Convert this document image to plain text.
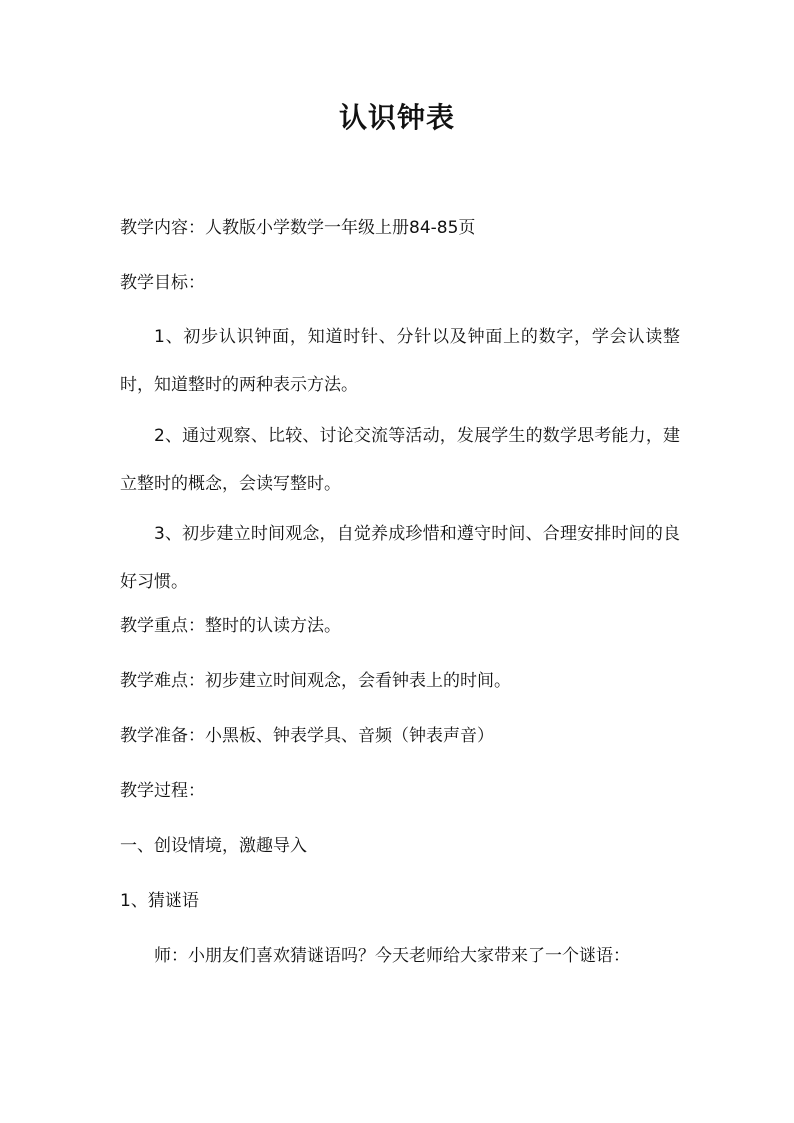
认识钟表

教学内容：人教版小学数学一年级上册84-85页

教学目标：

1、初步认识钟面，知道时针、分针以及钟面上的数字，学会认读整时，知道整时的两种表示方法。

2、通过观察、比较、讨论交流等活动，发展学生的数学思考能力，建立整时的概念，会读写整时。

3、初步建立时间观念，自觉养成珍惜和遵守时间、合理安排时间的良好习惯。

教学重点：整时的认读方法。

教学难点：初步建立时间观念，会看钟表上的时间。

教学准备：小黑板、钟表学具、音频（钟表声音）

教学过程：

一、创设情境，激趣导入

1、猜谜语

师：小朋友们喜欢猜谜语吗？今天老师给大家带来了一个谜语：
